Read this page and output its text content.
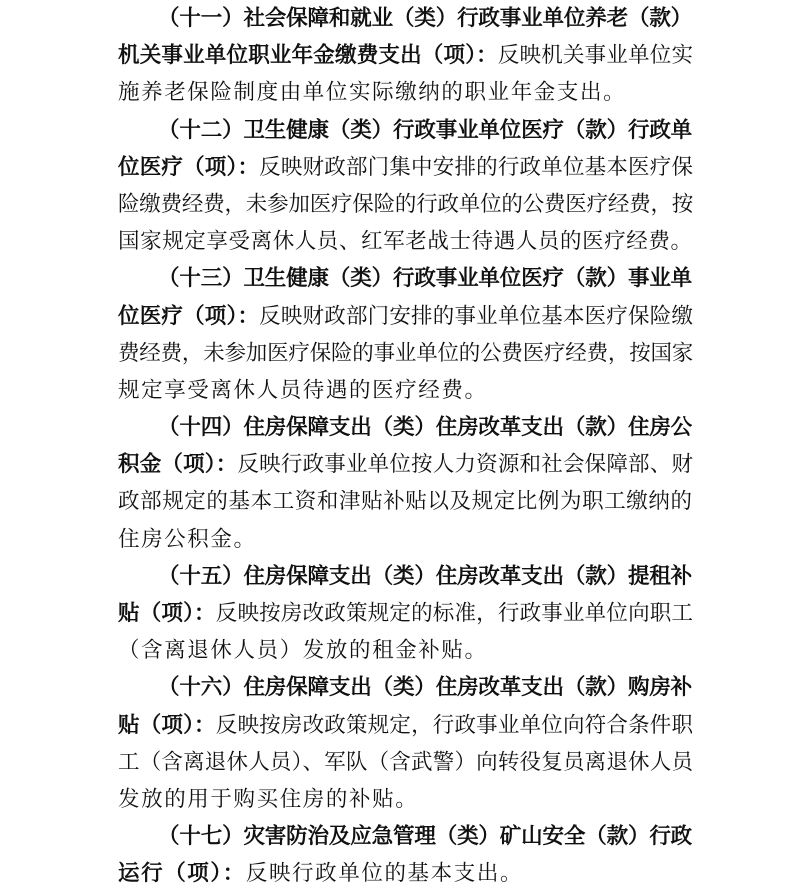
（十一）社会保障和就业（类）行政事业单位养老（款）
机关事业单位职业年金缴费支出（项）：反映机关事业单位实
施养老保险制度由单位实际缴纳的职业年金支出。
（十二）卫生健康（类）行政事业单位医疗（款）行政单
位医疗（项）：反映财政部门集中安排的行政单位基本医疗保
险缴费经费，未参加医疗保险的行政单位的公费医疗经费，按
国家规定享受离休人员、红军老战士待遇人员的医疗经费。
（十三）卫生健康（类）行政事业单位医疗（款）事业单
位医疗（项）：反映财政部门安排的事业单位基本医疗保险缴
费经费，未参加医疗保险的事业单位的公费医疗经费，按国家
规定享受离休人员待遇的医疗经费。
（十四）住房保障支出（类）住房改革支出（款）住房公
积金（项）：反映行政事业单位按人力资源和社会保障部、财
政部规定的基本工资和津贴补贴以及规定比例为职工缴纳的
住房公积金。
（十五）住房保障支出（类）住房改革支出（款）提租补
贴（项）：反映按房改政策规定的标准，行政事业单位向职工
（含离退休人员）发放的租金补贴。
（十六）住房保障支出（类）住房改革支出（款）购房补
贴（项）：反映按房改政策规定，行政事业单位向符合条件职
工（含离退休人员）、军队（含武警）向转役复员离退休人员
发放的用于购买住房的补贴。
（十七）灾害防治及应急管理（类）矿山安全（款）行政
运行（项）：反映行政单位的基本支出。
